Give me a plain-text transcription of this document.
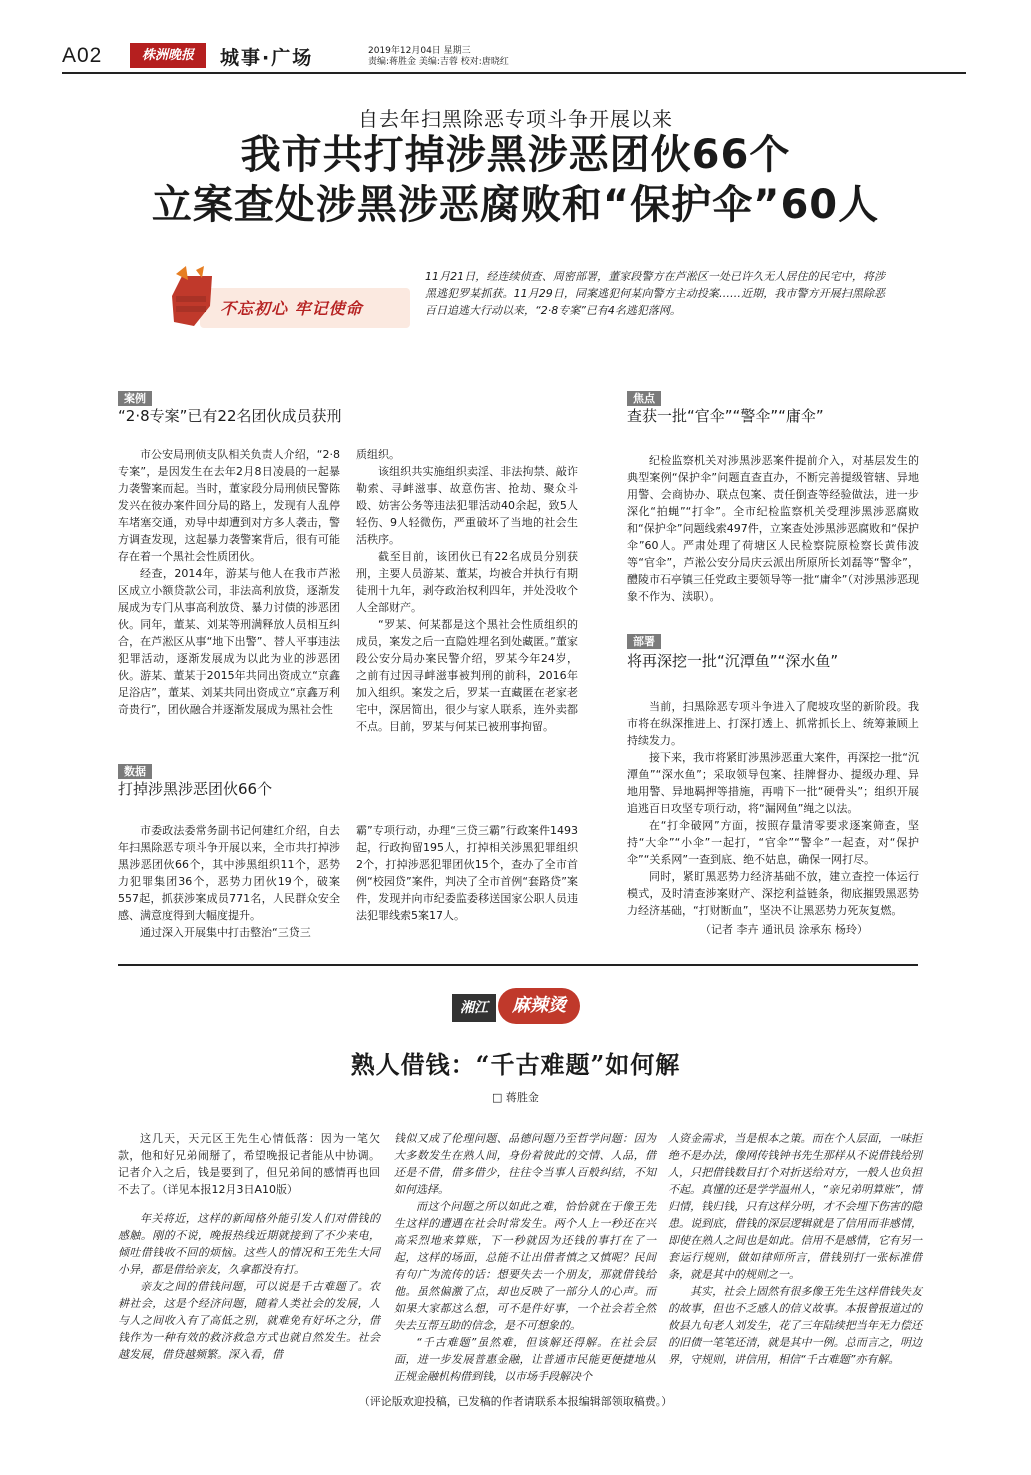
A02	株洲晚报	城事·广场	2019年12月04日 星期三
责编:蒋胜金 美编:吉蓉 校对:唐晓红
自去年扫黑除恶专项斗争开展以来
我市共打掉涉黑涉恶团伙66个
立案查处涉黑涉恶腐败和“保护伞”60人
不忘初心 牢记使命
11月21日，经连续侦查、周密部署，董家段警方在芦淞区一处已许久无人居住的民宅中，将涉黑逃犯罗某抓获。11月29日，同案逃犯何某向警方主动投案……近期，我市警方开展扫黑除恶百日追逃大行动以来，“2·8专案”已有4名逃犯落网。
案例
“2·8专案”已有22名团伙成员获刑

市公安局刑侦支队相关负责人介绍，“2·8专案”，是因发生在去年2月8日凌晨的一起暴力袭警案而起。当时，董家段分局刑侦民警陈发兴在彼办案件回分局的路上，发现有人乱停车堵塞交通，劝导中却遭到对方多人袭击，警方调查发现，这起暴力袭警案背后，很有可能存在着一个黑社会性质团伙。

经查，2014年，游某与他人在我市芦淞区成立小额贷款公司，非法高利放贷，逐渐发展成为专门从事高利放贷、暴力讨债的涉恶团伙。同年，董某、刘某等刑满释放人员相互纠合，在芦淞区从事“地下出警”、替人平事违法犯罪活动，逐渐发展成为以此为业的涉恶团伙。游某、董某于2015年共同出资成立“京鑫足浴店”，董某、刘某共同出资成立“京鑫万利奇贵行”，团伙融合并逐渐发展成为黑社会性

质组织。

该组织共实施组织卖淫、非法拘禁、敲诈勒索、寻衅滋事、故意伤害、抢劫、聚众斗殴、妨害公务等违法犯罪活动40余起，致5人轻伤、9人轻微伤，严重破坏了当地的社会生活秩序。

截至目前，该团伙已有22名成员分别获刑，主要人员游某、董某，均被合并执行有期徒刑十九年，剥夺政治权利四年，并处没收个人全部财产。

“罗某、何某都是这个黑社会性质组织的成员，案发之后一直隐姓埋名到处藏匿。”董家段公安分局办案民警介绍，罗某今年24岁，之前有过因寻衅滋事被判刑的前科，2016年加入组织。案发之后，罗某一直藏匿在老家老宅中，深居简出，很少与家人联系，连外卖都不点。目前，罗某与何某已被刑事拘留。

数据
打掉涉黑涉恶团伙66个

市委政法委常务副书记何建红介绍，自去年扫黑除恶专项斗争开展以来，全市共打掉涉黑涉恶团伙66个，其中涉黑组织11个，恶势力犯罪集团36个，恶势力团伙19个，破案557起，抓获涉案成员771名，人民群众安全感、满意度得到大幅度提升。

通过深入开展集中打击整治“三贷三

霸”专项行动，办理“三贷三霸”行政案件1493起，行政拘留195人，打掉相关涉黑犯罪组织2个，打掉涉恶犯罪团伙15个，查办了全市首例“校园贷”案件，判决了全市首例“套路贷”案件，发现并向市纪委监委移送国家公职人员违法犯罪线索5案17人。

焦点
查获一批“官伞”“警伞”“庸伞”

纪检监察机关对涉黑涉恶案件提前介入，对基层发生的典型案例“保护伞”问题直查直办，不断完善提级管辖、异地用警、会商协办、联点包案、责任倒查等经验做法，进一步深化“拍蝇”“打伞”。全市纪检监察机关受理涉黑涉恶腐败和“保护伞”问题线索497件，立案查处涉黑涉恶腐败和“保护伞”60人。严肃处理了荷塘区人民检察院原检察长黄伟波等“官伞”，芦淞公安分局庆云派出所原所长刘磊等“警伞”，醴陵市石亭镇三任党政主要领导等一批“庸伞”（对涉黑涉恶现象不作为、渎职）。

部署
将再深挖一批“沉潭鱼”“深水鱼”

当前，扫黑除恶专项斗争进入了爬坡攻坚的新阶段。我市将在纵深推进上、打深打透上、抓常抓长上、统筹兼顾上持续发力。

接下来，我市将紧盯涉黑涉恶重大案件，再深挖一批“沉潭鱼”“深水鱼”；采取领导包案、挂牌督办、提级办理、异地用警、异地羁押等措施，再啃下一批“硬骨头”；组织开展追逃百日攻坚专项行动，将“漏网鱼”绳之以法。

在“打伞破网”方面，按照存量清零要求逐案筛查，坚持“大伞”“小伞”一起打，“官伞”“警伞”一起查，对“保护伞”“关系网”一查到底、绝不姑息，确保一网打尽。

同时，紧盯黑恶势力经济基础不放，建立查控一体运行模式，及时清查涉案财产、深挖利益链条，彻底摧毁黑恶势力经济基础，“打财断血”，坚决不让黑恶势力死灰复燃。

（记者 李卉 通讯员 涂承东 杨玲）
湘江	麻辣烫
熟人借钱：“千古难题”如何解
□ 蒋胜金

这几天，天元区王先生心情低落：因为一笔欠款，他和好兄弟闹掰了，希望晚报记者能从中协调。记者介入之后，钱是要到了，但兄弟间的感情再也回不去了。（详见本报12月3日A10版）

年关将近，这样的新闻格外能引发人们对借钱的感触。刚的不说，晚报热线近期就接到了不少来电，倾吐借钱收不回的烦恼。这些人的情况和王先生大同小异，都是借给亲友，久拿都没有打。

亲友之间的借钱问题，可以说是千古难题了。农耕社会，这是个经济问题，随着人类社会的发展，人与人之间收入有了高低之别，就难免有好坏之分，借钱作为一种有效的救济救急方式也就自然发生。社会越发展，借贷越频繁。深入看，借

钱似又成了伦理问题、品德问题乃至哲学问题：因为大多数发生在熟人间，身份着彼此的交情、人品，借还是不借，借多借少，往往令当事人百般纠结，不知如何选择。

而这个问题之所以如此之难，恰恰就在于像王先生这样的遭遇在社会时常发生。两个人上一秒还在兴高采烈地来算账，下一秒就因为还钱的事打在了一起，这样的场面，总能不让出借者慎之又慎呢？民间有句广为流传的话：想要失去一个朋友，那就借钱给他。虽然偏激了点，却也反映了一部分人的心声。而如果大家都这么想，可不是件好事，一个社会若全然失去互帮互助的信念，是不可想象的。

“千古难题”虽然难，但该解还得解。在社会层面，进一步发展普惠金融，让普通市民能更便捷地从正规金融机构借到钱，以市场手段解决个

人资金需求，当是根本之策。而在个人层面，一味拒绝不是办法，像网传钱钟书先生那样从不说借钱给别人，只把借钱数目打个对折送给对方，一般人也负担不起。真懂的还是学学温州人，“亲兄弟明算账”，情归情，钱归钱，只有这样分明，才不会埋下伤害的隐患。说到底，借钱的深层逻辑就是了信用而非感情，即使在熟人之间也是如此。信用不是感情，它有另一套运行规则，做如律师所言，借钱别打一张标准借条，就是其中的规则之一。

其实，社会上固然有很多像王先生这样借钱失友的故事，但也不乏感人的信义故事。本报曾报道过的攸县九旬老人刘发生，花了三年陆续把当年无力偿还的旧债一笔笔还清，就是其中一例。总而言之，明边界，守规则，讲信用，相信“千古难题”亦有解。

（评论版欢迎投稿，已发稿的作者请联系本报编辑部领取稿费。）
